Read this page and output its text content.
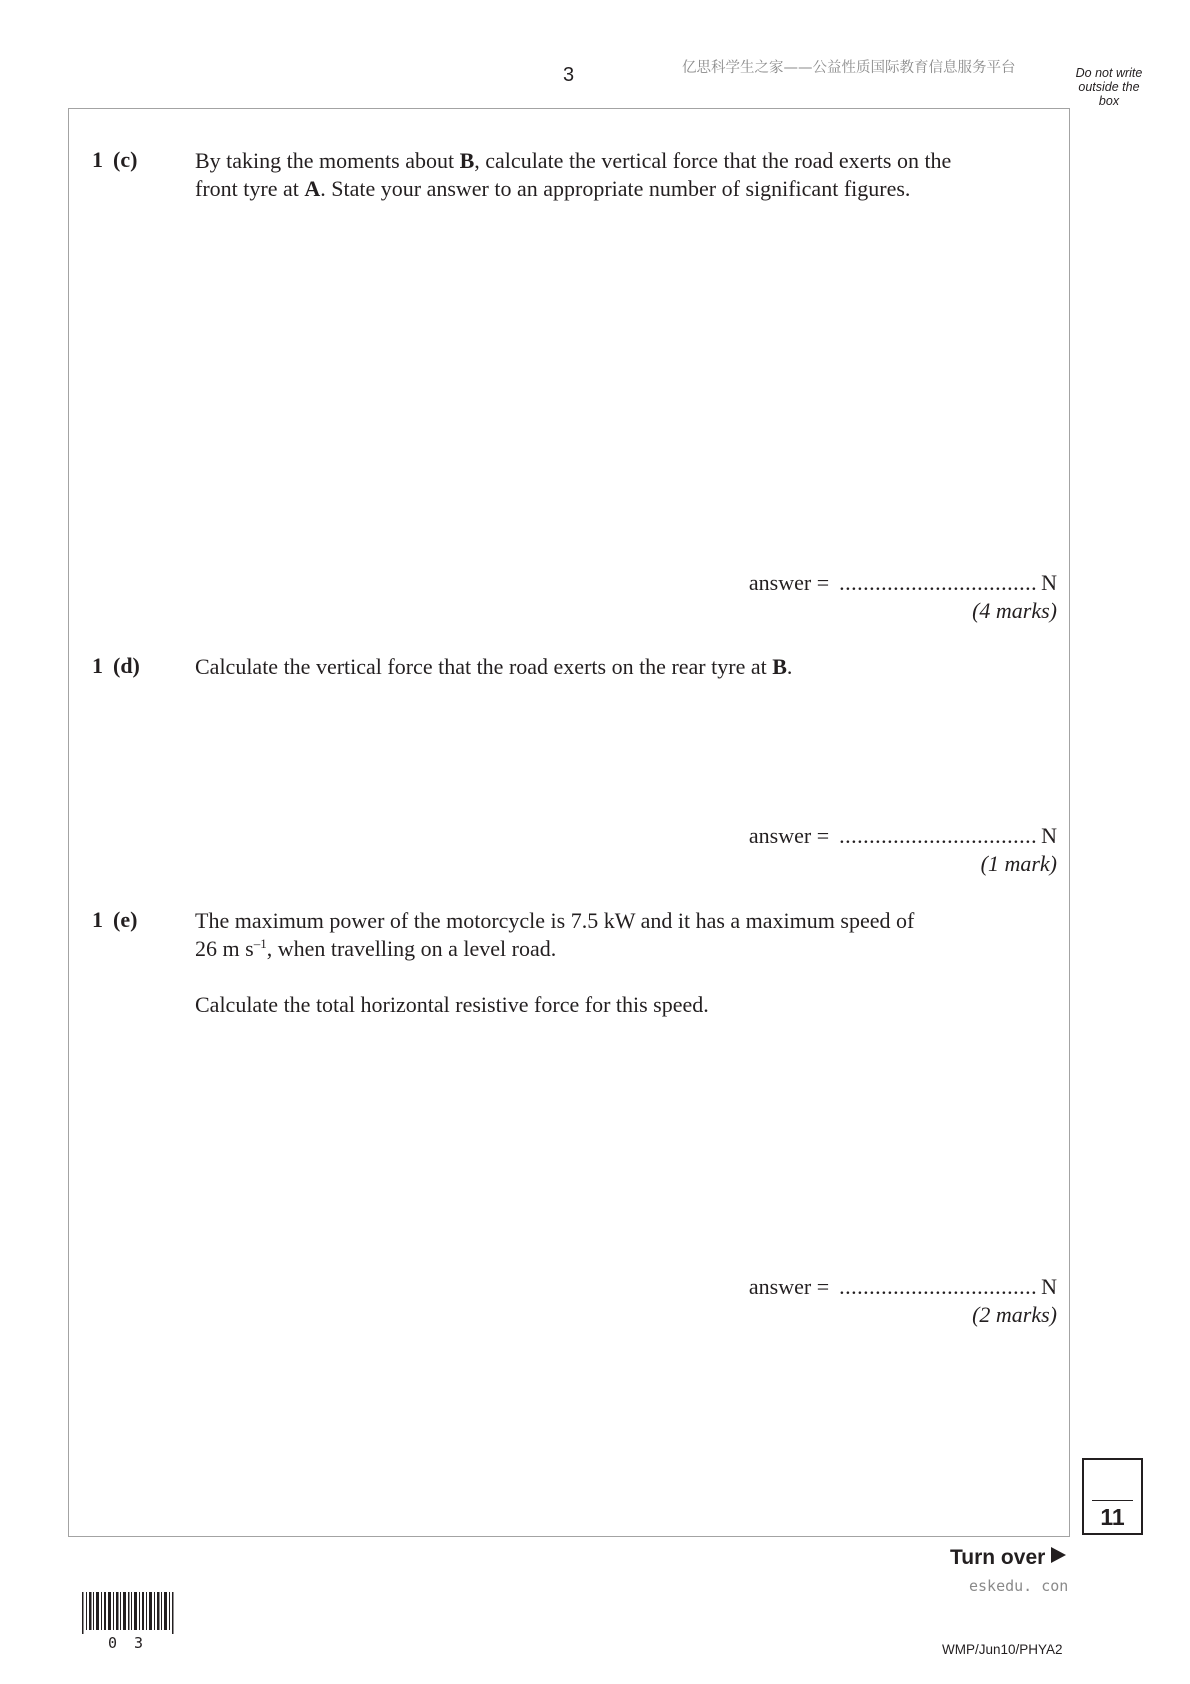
3	亿思科学生之家——公益性质国际教育信息服务平台	Do not write
outside the
box
1 (c)	By taking the moments about B, calculate the vertical force that the road exerts on the
front tyre at A. State your answer to an appropriate number of significant figures.
answer = ................................. N
(4 marks)
1 (d)	Calculate the vertical force that the road exerts on the rear tyre at B.
answer = ................................. N
(1 mark)
1 (e)	The maximum power of the motorcycle is 7.5 kW and it has a maximum speed of
26 m $s^{-1}$, when travelling on a level road.
Calculate the total horizontal resistive force for this speed.
answer = ................................. N
(2 marks)
11
Turn over
eskedu. con
0 3	WMP/Jun10/PHYA2
